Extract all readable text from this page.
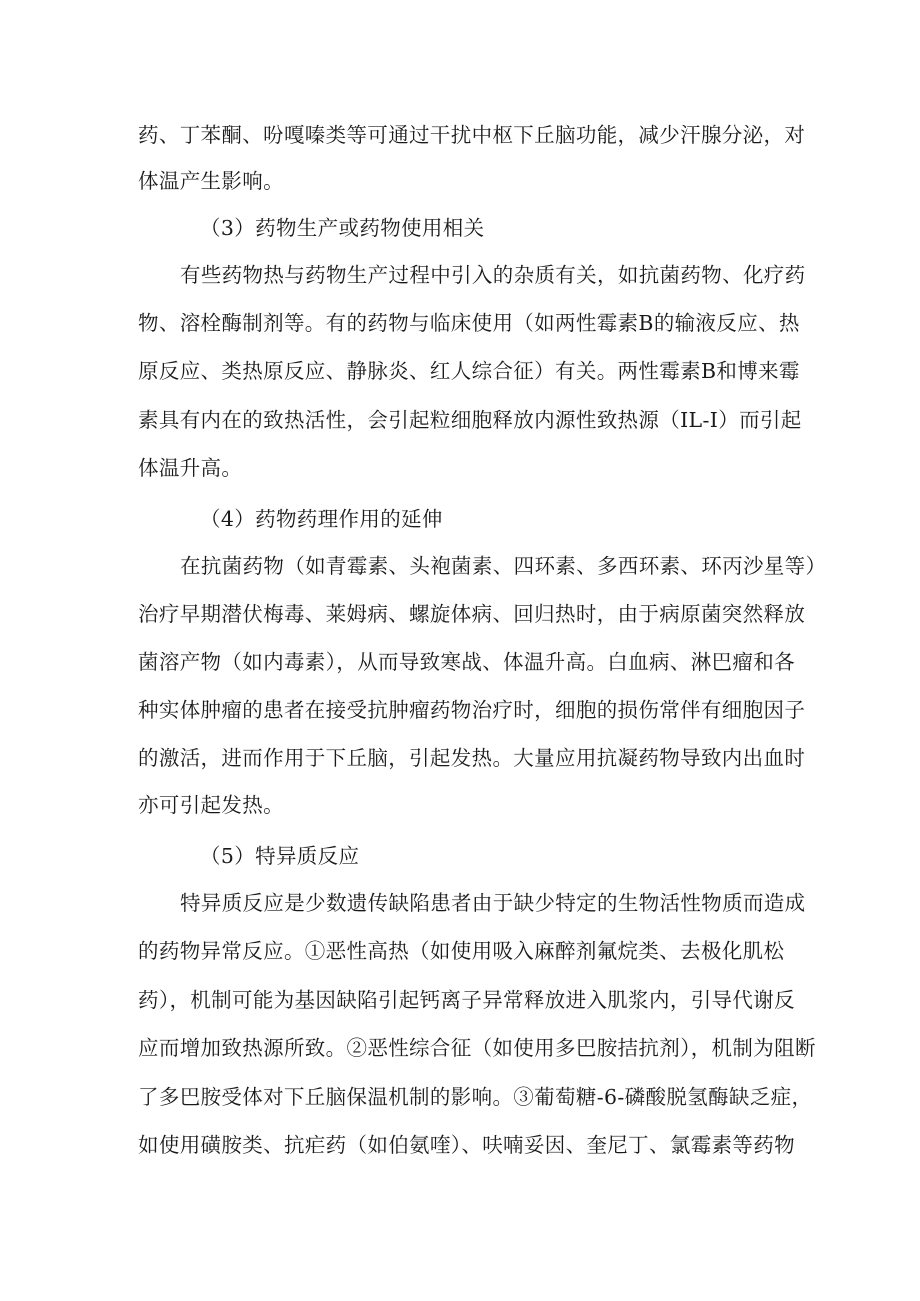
药、丁苯酮、吩嘎嗪类等可通过干扰中枢下丘脑功能，减少汗腺分泌，对
体温产生影响。
（3）药物生产或药物使用相关
有些药物热与药物生产过程中引入的杂质有关，如抗菌药物、化疗药
物、溶栓酶制剂等。有的药物与临床使用（如两性霉素B的输液反应、热
原反应、类热原反应、静脉炎、红人综合征）有关。两性霉素B和博来霉
素具有内在的致热活性，会引起粒细胞释放内源性致热源（IL-I）而引起
体温升高。
（4）药物药理作用的延伸
在抗菌药物（如青霉素、头袍菌素、四环素、多西环素、环丙沙星等）
治疗早期潜伏梅毒、莱姆病、螺旋体病、回归热时，由于病原菌突然释放
菌溶产物（如内毒素），从而导致寒战、体温升高。白血病、淋巴瘤和各
种实体肿瘤的患者在接受抗肿瘤药物治疗时，细胞的损伤常伴有细胞因子
的激活，进而作用于下丘脑，引起发热。大量应用抗凝药物导致内出血时
亦可引起发热。
（5）特异质反应
特异质反应是少数遗传缺陷患者由于缺少特定的生物活性物质而造成
的药物异常反应。①恶性高热（如使用吸入麻醉剂氟烷类、去极化肌松
药），机制可能为基因缺陷引起钙离子异常释放进入肌浆内，引导代谢反
应而增加致热源所致。②恶性综合征（如使用多巴胺拮抗剂），机制为阻断
了多巴胺受体对下丘脑保温机制的影响。③葡萄糖-6-磷酸脱氢酶缺乏症，
如使用磺胺类、抗疟药（如伯氨喹）、呋喃妥因、奎尼丁、氯霉素等药物
